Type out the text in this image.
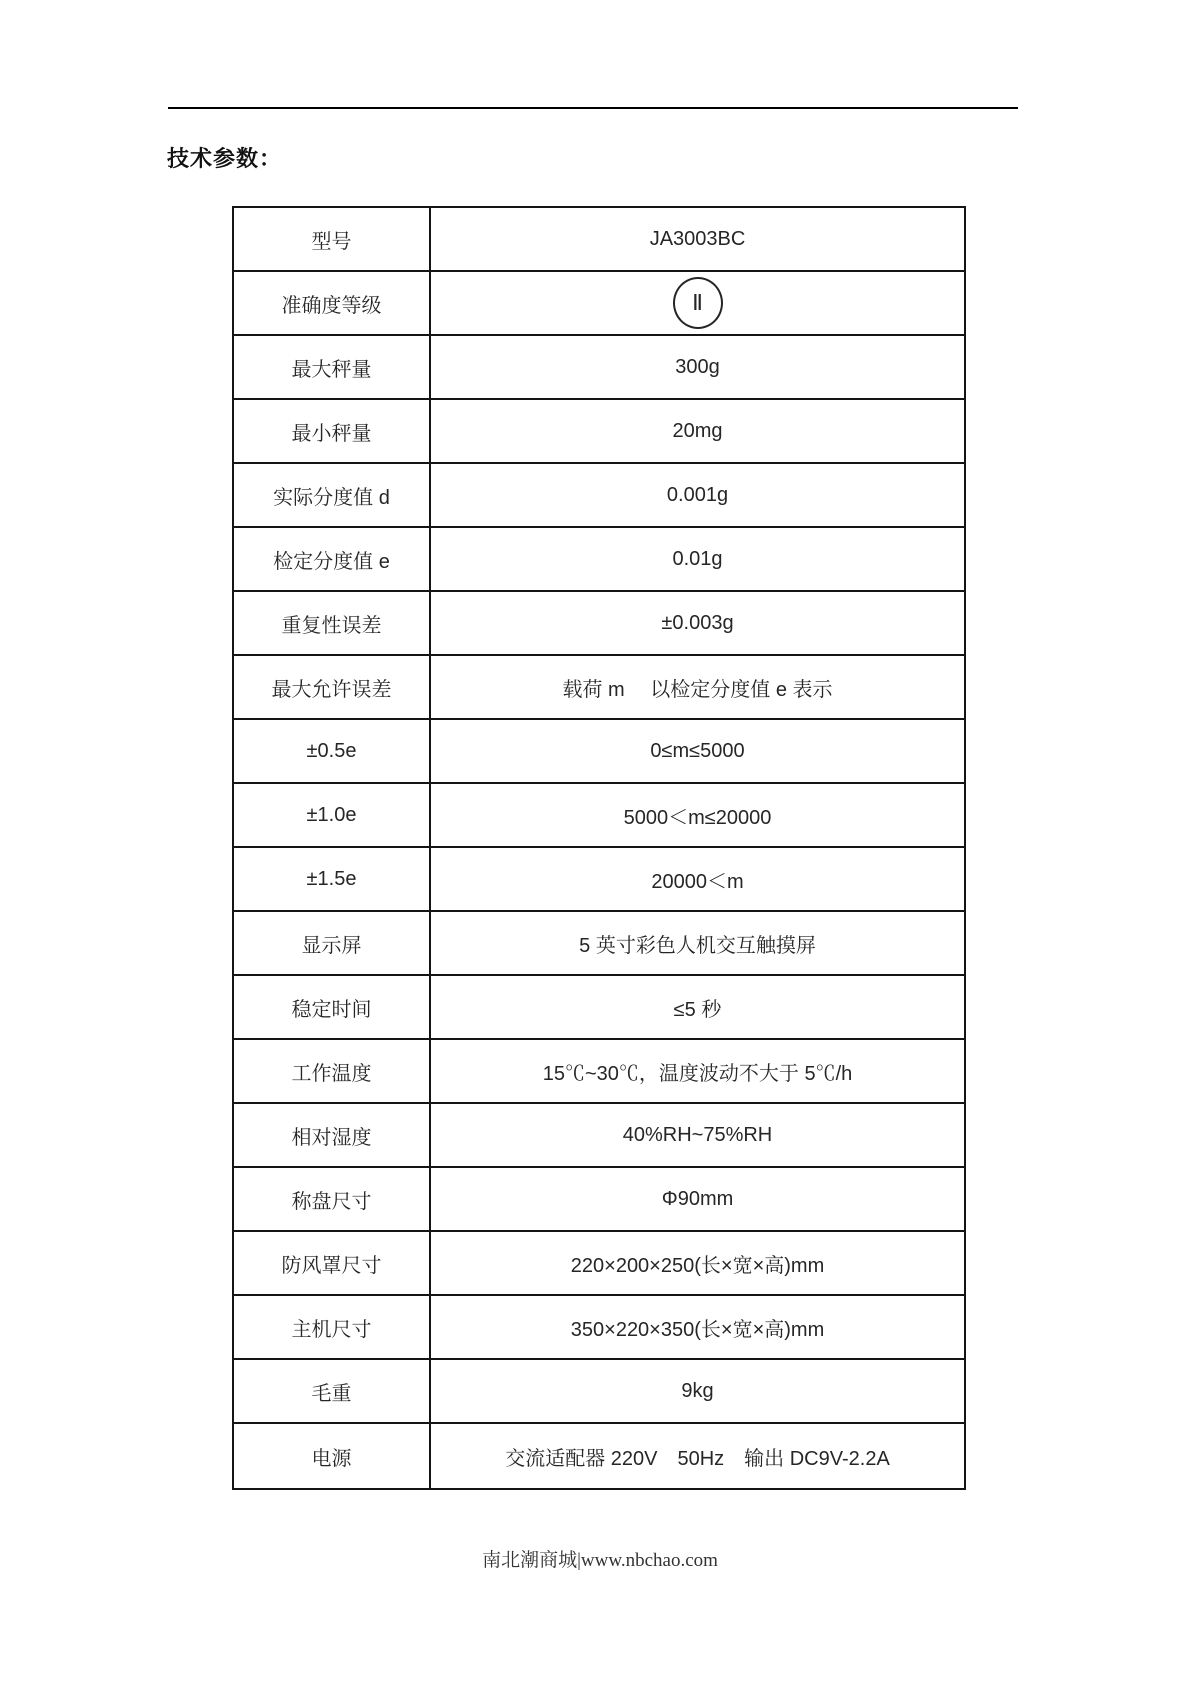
技术参数：
型号	JA3003BC
准确度等级	Ⅱ
最大秤量	300g
最小秤量	20mg
实际分度值 d	0.001g
检定分度值 e	0.01g
重复性误差	±0.003g
最大允许误差	载荷 m　 以检定分度值 e 表示
±0.5e	0≤m≤5000
±1.0e	5000＜m≤20000
±1.5e	20000＜m
显示屏	5 英寸彩色人机交互触摸屏
稳定时间	≤5 秒
工作温度	15℃~30℃，温度波动不大于 5℃/h
相对湿度	40%RH~75%RH
称盘尺寸	Φ90mm
防风罩尺寸	220×200×250(长×宽×高)mm
主机尺寸	350×220×350(长×宽×高)mm
毛重	9kg
电源	交流适配器 220V　50Hz　输出 DC9V-2.2A
南北潮商城|www.nbchao.com
